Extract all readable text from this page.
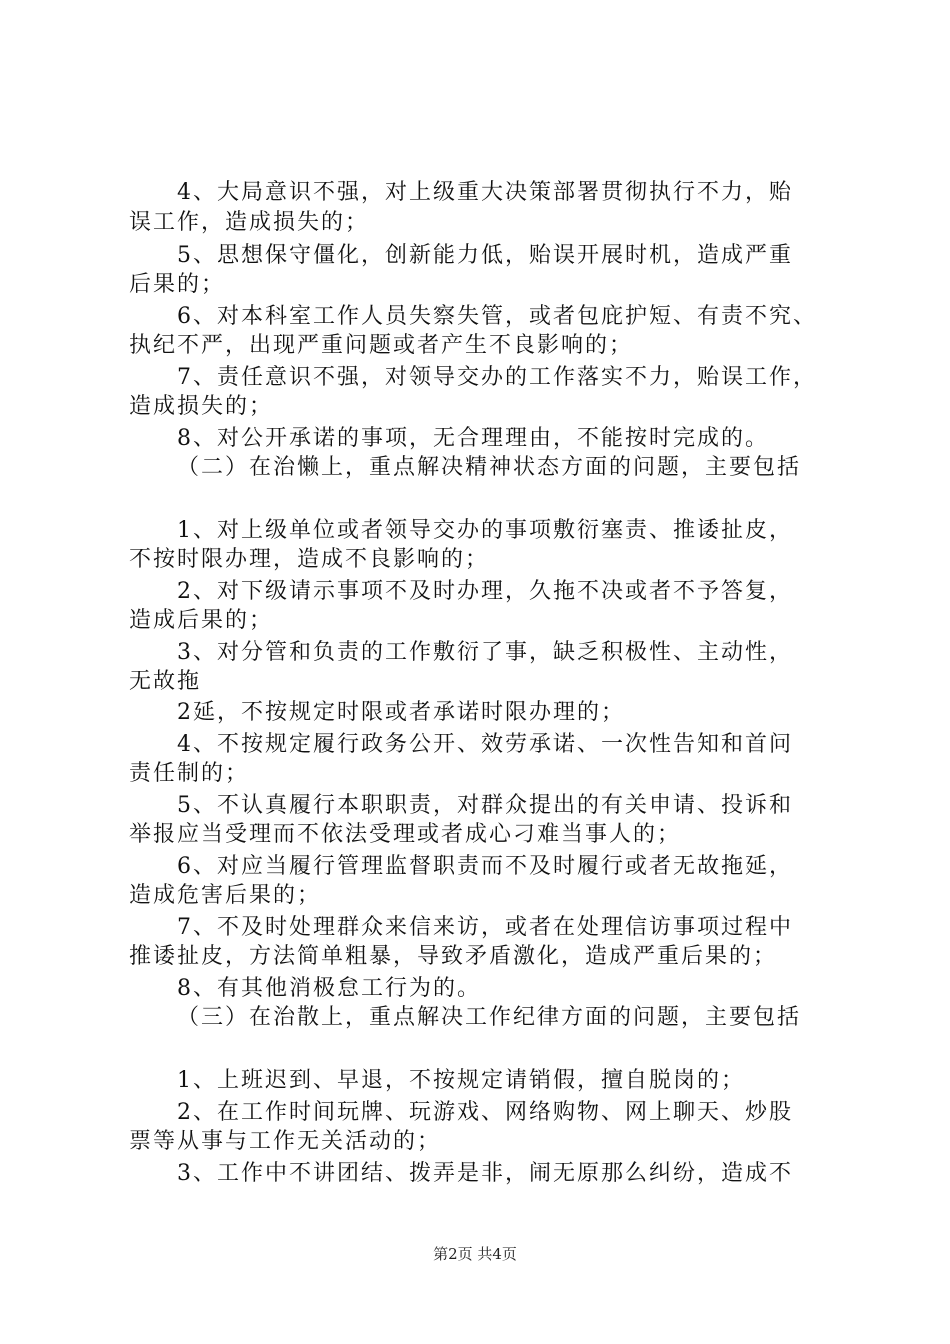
4、大局意识不强，对上级重大决策部署贯彻执行不力，贻
误工作，造成损失的；
5、思想保守僵化，创新能力低，贻误开展时机，造成严重
后果的；
6、对本科室工作人员失察失管，或者包庇护短、有责不究、
执纪不严，出现严重问题或者产生不良影响的；
7、责任意识不强，对领导交办的工作落实不力，贻误工作，
造成损失的；
8、对公开承诺的事项，无合理理由，不能按时完成的。
（二）在治懒上，重点解决精神状态方面的问题，主要包括
1、对上级单位或者领导交办的事项敷衍塞责、推诿扯皮，
不按时限办理，造成不良影响的；
2、对下级请示事项不及时办理，久拖不决或者不予答复，
造成后果的；
3、对分管和负责的工作敷衍了事，缺乏积极性、主动性，
无故拖
2延，不按规定时限或者承诺时限办理的；
4、不按规定履行政务公开、效劳承诺、一次性告知和首问
责任制的；
5、不认真履行本职职责，对群众提出的有关申请、投诉和
举报应当受理而不依法受理或者成心刁难当事人的；
6、对应当履行管理监督职责而不及时履行或者无故拖延，
造成危害后果的；
7、不及时处理群众来信来访，或者在处理信访事项过程中
推诿扯皮，方法简单粗暴，导致矛盾激化，造成严重后果的；
8、有其他消极怠工行为的。
（三）在治散上，重点解决工作纪律方面的问题，主要包括
1、上班迟到、早退，不按规定请销假，擅自脱岗的；
2、在工作时间玩牌、玩游戏、网络购物、网上聊天、炒股
票等从事与工作无关活动的；
3、工作中不讲团结、拨弄是非，闹无原那么纠纷，造成不
第2页 共4页
